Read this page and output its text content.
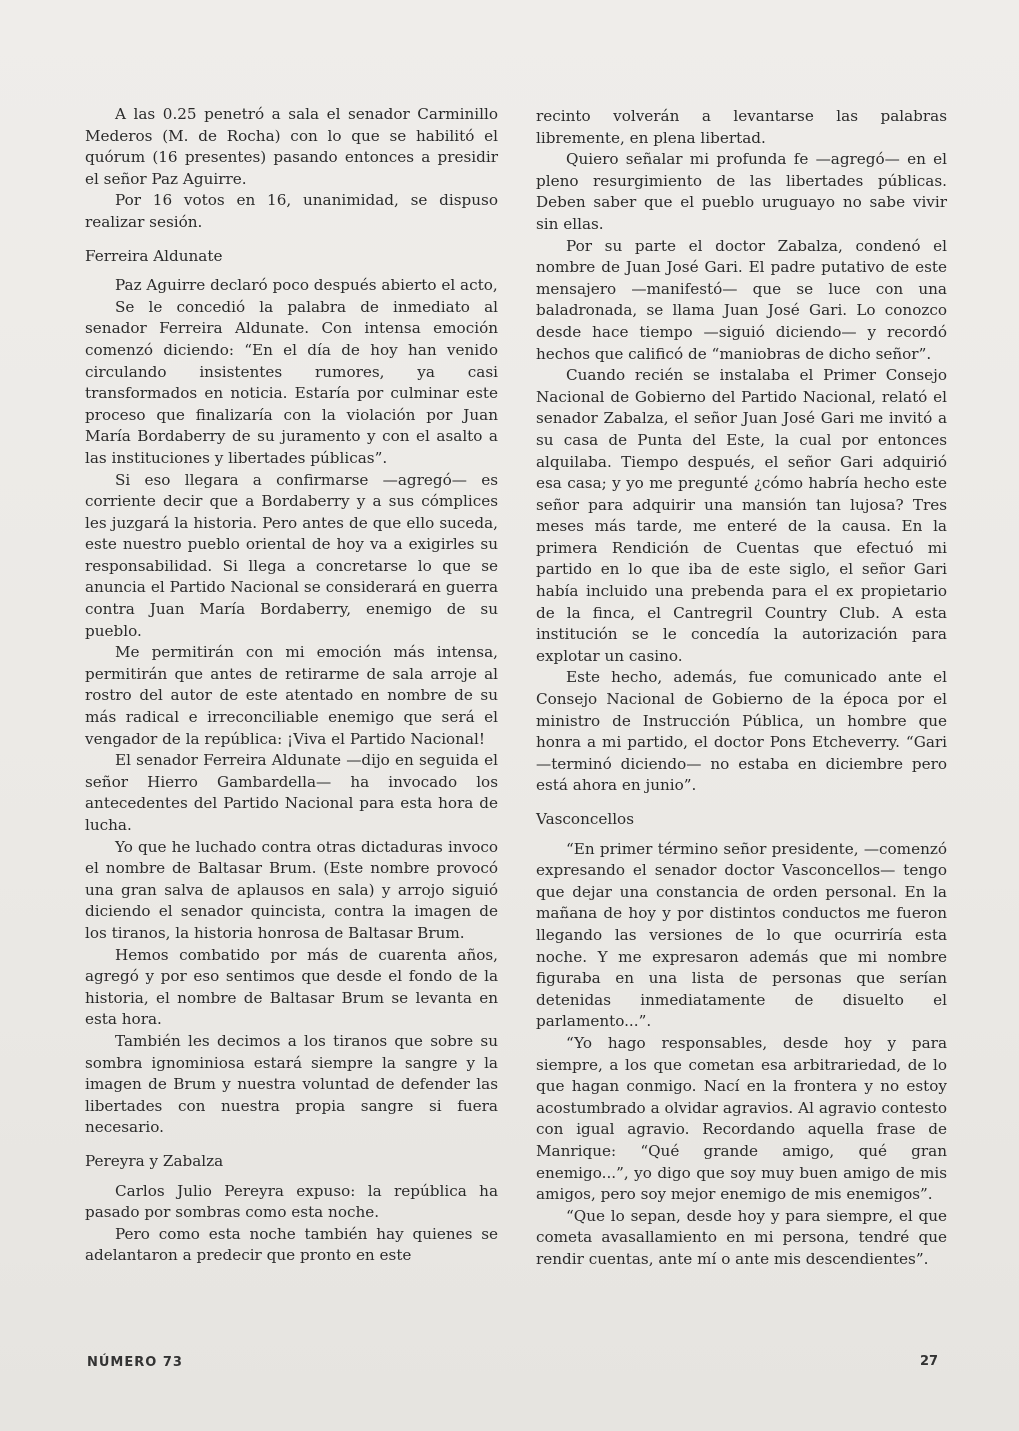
A las 0.25 penetró a sala el senador Carminillo Mederos (M. de Rocha) con lo que se habilitó el quórum (16 presentes) pasando entonces a presidir el señor Paz Aguirre.

Por 16 votos en 16, unanimidad, se dispuso realizar sesión.

Ferreira Aldunate

Paz Aguirre declaró poco después abierto el acto,

Se le concedió la palabra de inmediato al senador Ferreira Aldunate. Con intensa emoción comenzó diciendo: “En el día de hoy han venido circulando insistentes rumores, ya casi transformados en noticia. Estaría por culminar este proceso que finalizaría con la violación por Juan María Bordaberry de su juramento y con el asalto a las instituciones y libertades públicas”.

Si eso llegara a confirmarse —agregó— es corriente decir que a Bordaberry y a sus cómplices les juzgará la historia. Pero antes de que ello suceda, este nuestro pueblo oriental de hoy va a exigirles su responsabilidad. Si llega a concretarse lo que se anuncia el Partido Nacional se considerará en guerra contra Juan María Bordaberry, enemigo de su pueblo.

Me permitirán con mi emoción más intensa, permitirán que antes de retirarme de sala arroje al rostro del autor de este atentado en nombre de su más radical e irreconciliable enemigo que será el vengador de la república: ¡Viva el Partido Nacional!

El senador Ferreira Aldunate —dijo en seguida el señor Hierro Gambardella— ha invocado los antecedentes del Partido Nacional para esta hora de lucha.

Yo que he luchado contra otras dictaduras invoco el nombre de Baltasar Brum. (Este nombre provocó una gran salva de aplausos en sala) y arrojo siguió diciendo el senador quincista, contra la imagen de los tiranos, la historia honrosa de Baltasar Brum.

Hemos combatido por más de cuarenta años, agregó y por eso sentimos que desde el fondo de la historia, el nombre de Baltasar Brum se levanta en esta hora.

También les decimos a los tiranos que sobre su sombra ignominiosa estará siempre la sangre y la imagen de Brum y nuestra voluntad de defender las libertades con nuestra propia sangre si fuera necesario.

Pereyra y Zabalza

Carlos Julio Pereyra expuso: la república ha pasado por sombras como esta noche.

Pero como esta noche también hay quienes se adelantaron a predecir que pronto en este

recinto volverán a levantarse las palabras libremente, en plena libertad.

Quiero señalar mi profunda fe —agregó— en el pleno resurgimiento de las libertades públicas. Deben saber que el pueblo uruguayo no sabe vivir sin ellas.

Por su parte el doctor Zabalza, condenó el nombre de Juan José Gari. El padre putativo de este mensajero —manifestó— que se luce con una baladronada, se llama Juan José Gari. Lo conozco desde hace tiempo —siguió diciendo— y recordó hechos que calificó de “maniobras de dicho señor”.

Cuando recién se instalaba el Primer Consejo Nacional de Gobierno del Partido Nacional, relató el senador Zabalza, el señor Juan José Gari me invitó a su casa de Punta del Este, la cual por entonces alquilaba. Tiempo después, el señor Gari adquirió esa casa; y yo me pregunté ¿cómo habría hecho este señor para adquirir una mansión tan lujosa? Tres meses más tarde, me enteré de la causa. En la primera Rendición de Cuentas que efectuó mi partido en lo que iba de este siglo, el señor Gari había incluido una prebenda para el ex propietario de la finca, el Cantregril Country Club. A esta institución se le concedía la autorización para explotar un casino.

Este hecho, además, fue comunicado ante el Consejo Nacional de Gobierno de la época por el ministro de Instrucción Pública, un hombre que honra a mi partido, el doctor Pons Etcheverry. “Gari —terminó diciendo— no estaba en diciembre pero está ahora en junio”.

Vasconcellos

“En primer término señor presidente, —comenzó expresando el senador doctor Vasconcellos— tengo que dejar una constancia de orden personal. En la mañana de hoy y por distintos conductos me fueron llegando las versiones de lo que ocurriría esta noche. Y me expresaron además que mi nombre figuraba en una lista de personas que serían detenidas inmediatamente de disuelto el parlamento...”.

“Yo hago responsables, desde hoy y para siempre, a los que cometan esa arbitrariedad, de lo que hagan conmigo. Nací en la frontera y no estoy acostumbrado a olvidar agravios. Al agravio contesto con igual agravio. Recordando aquella frase de Manrique: “Qué grande amigo, qué gran enemigo...”, yo digo que soy muy buen amigo de mis amigos, pero soy mejor enemigo de mis enemigos”.

“Que lo sepan, desde hoy y para siempre, el que cometa avasallamiento en mi persona, tendré que rendir cuentas, ante mí o ante mis descendientes”.

NÚMERO 73	27
